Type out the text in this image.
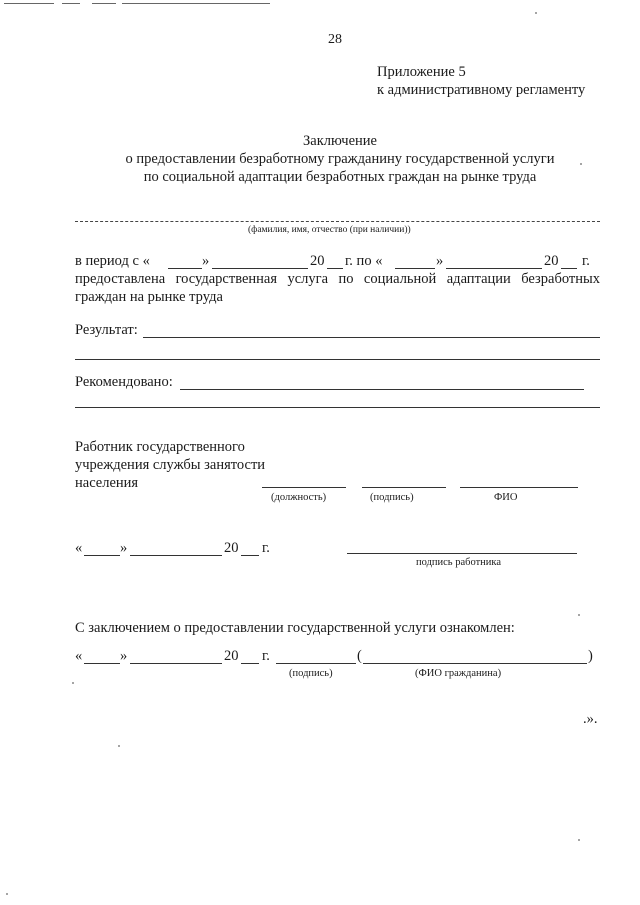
28
Приложение 5
к административному регламенту
Заключение
о предоставлении безработному гражданину государственной услуги
по социальной адаптации безработных граждан на рынке труда
(фамилия, имя, отчество (при наличии))
в период с «	»	20 г. по «	»	20 г.
предоставлена государственная услуга по социальной адаптации безработных
граждан на рынке труда
Результат:
Рекомендовано:
Работник государственного
учреждения службы занятости
населения
(должность)	(подпись)	ФИО
«	»	20 г.
подпись работника
С заключением о предоставлении государственной услуги ознакомлен:
«	»	20 г.	(	)
(подпись)	(ФИО гражданина)
.».
